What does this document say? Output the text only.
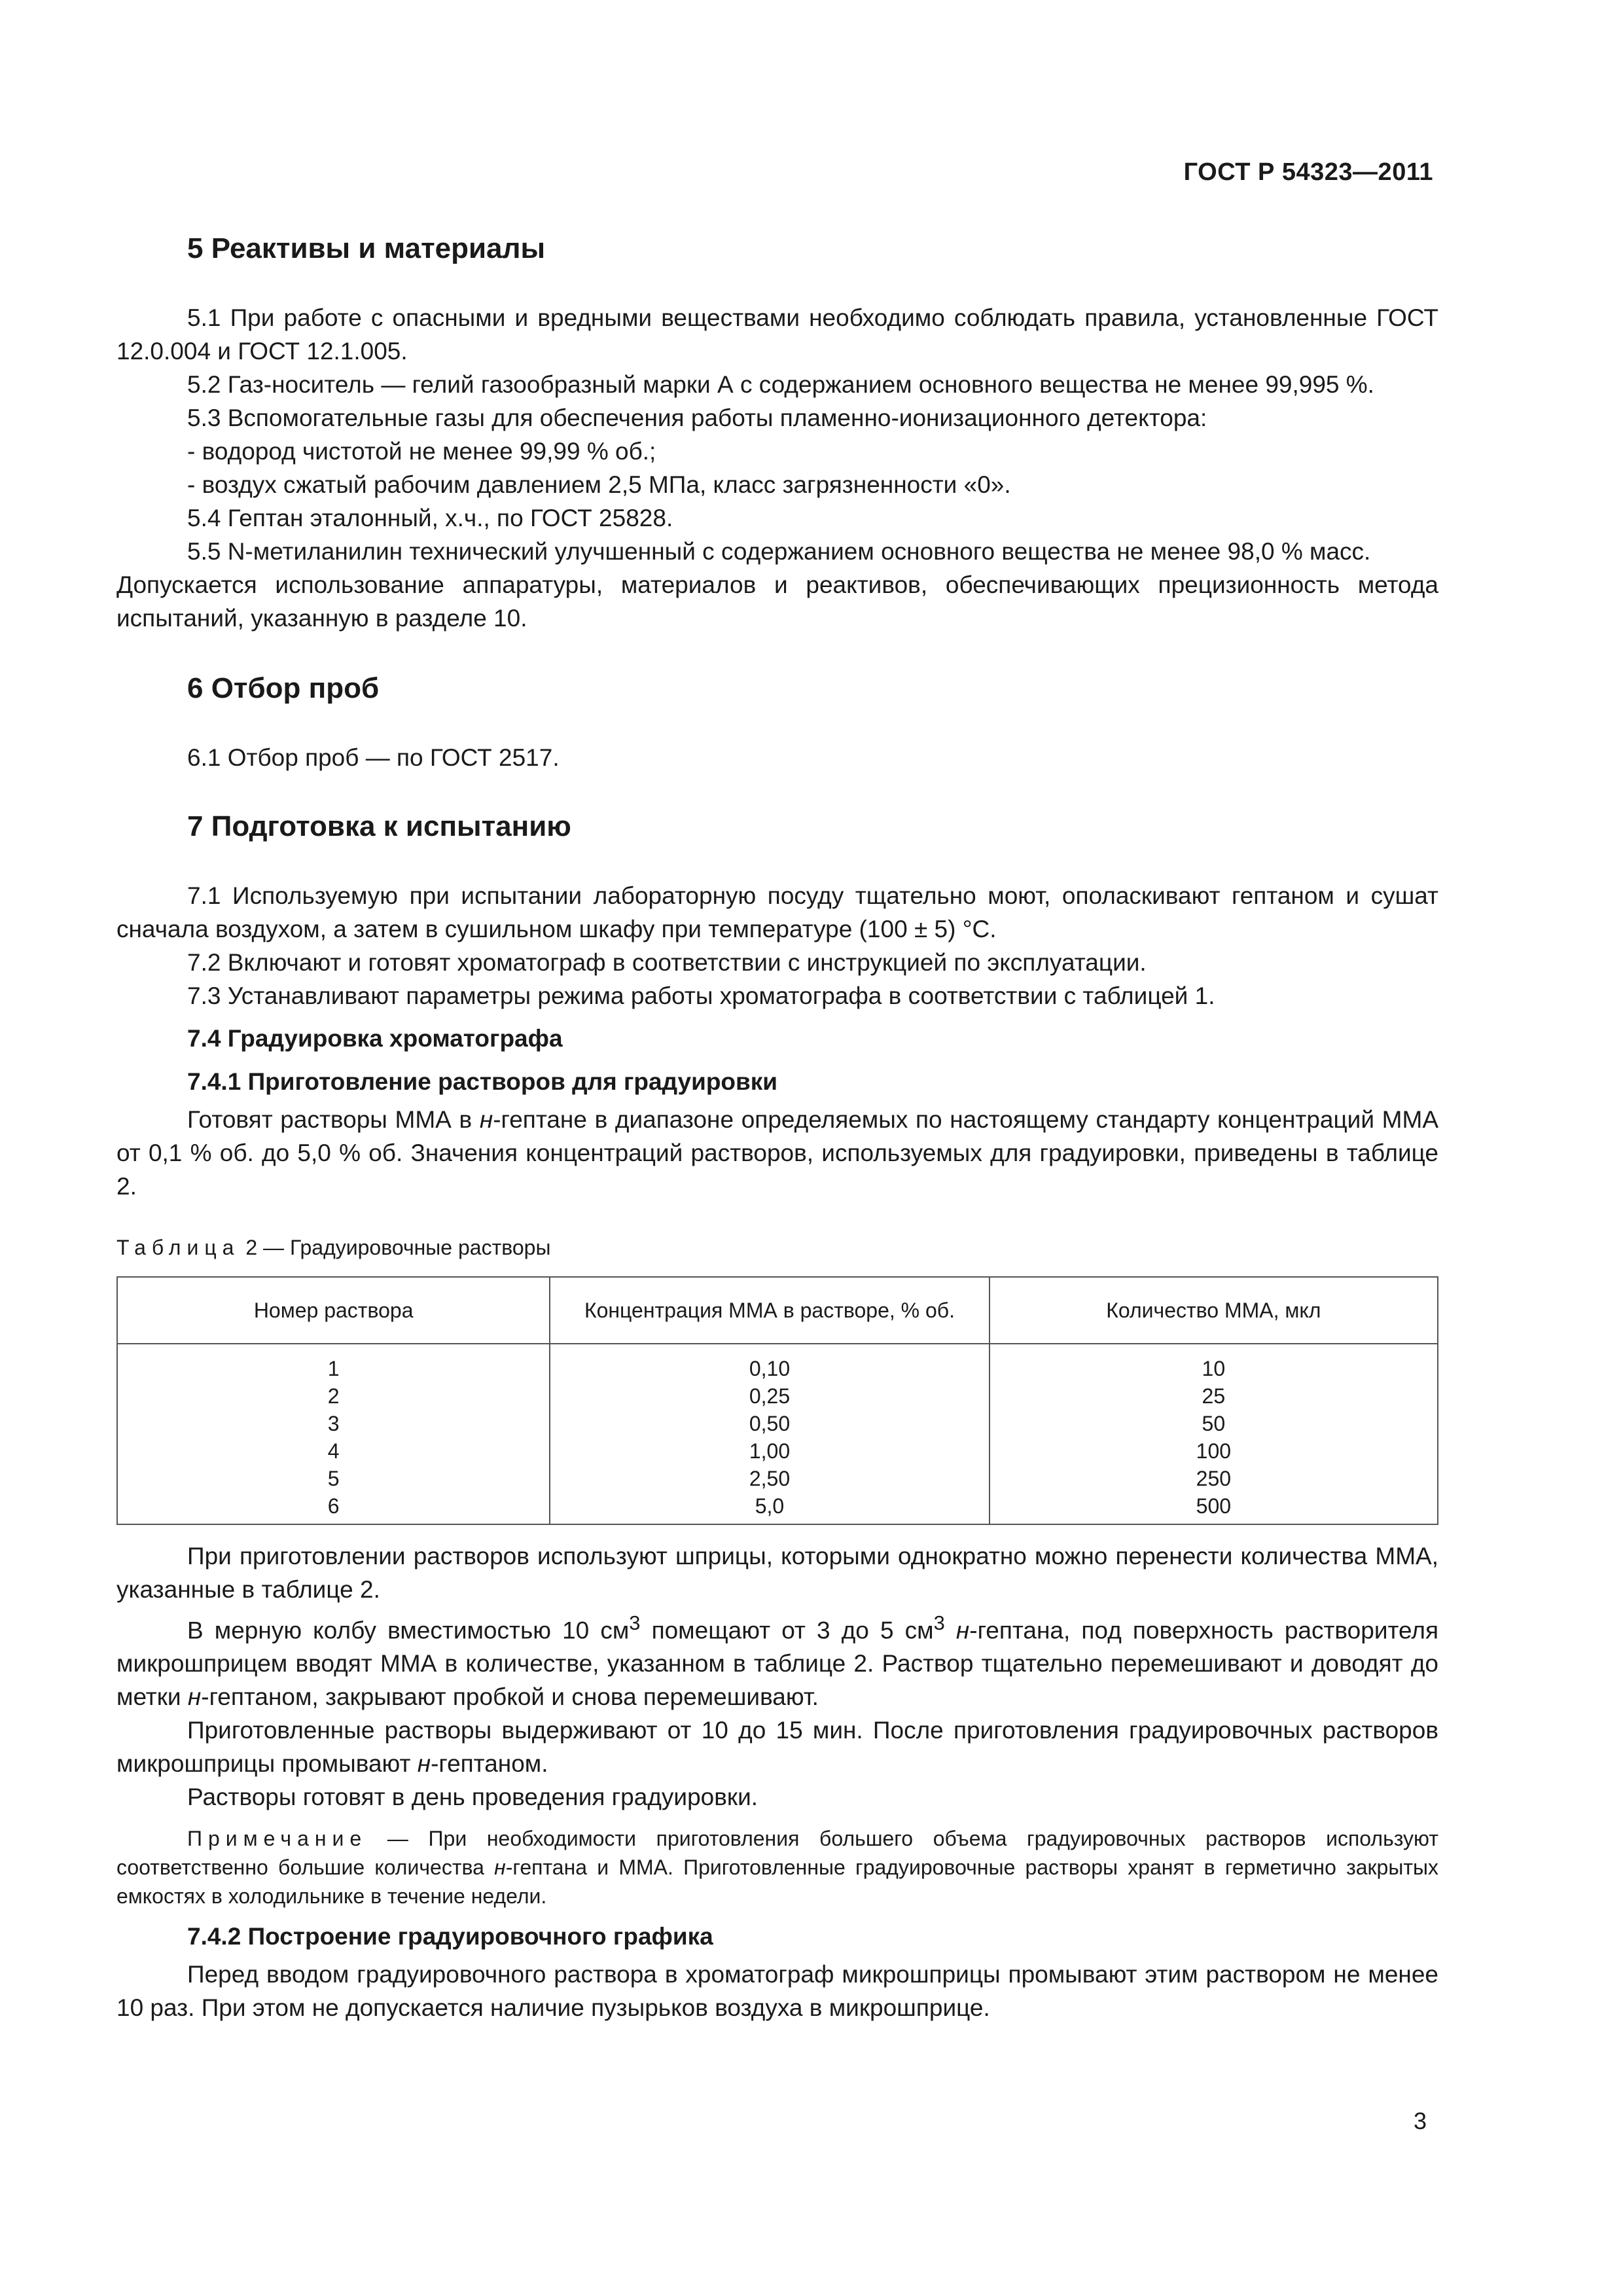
ГОСТ Р 54323—2011
5 Реактивы и материалы

5.1 При работе с опасными и вредными веществами необходимо соблюдать правила, установленные ГОСТ 12.0.004 и ГОСТ 12.1.005.

5.2 Газ-носитель — гелий газообразный марки А с содержанием основного вещества не менее 99,995 %.

5.3 Вспомогательные газы для обеспечения работы пламенно-ионизационного детектора:

- водород чистотой не менее 99,99 % об.;

- воздух сжатый рабочим давлением 2,5 МПа, класс загрязненности «0».

5.4 Гептан эталонный, х.ч., по ГОСТ 25828.

5.5 N-метиланилин технический улучшенный с содержанием основного вещества не менее 98,0 % масс.

Допускается использование аппаратуры, материалов и реактивов, обеспечивающих прецизионность метода испытаний, указанную в разделе 10.

6 Отбор проб

6.1 Отбор проб — по ГОСТ 2517.

7 Подготовка к испытанию

7.1 Используемую при испытании лабораторную посуду тщательно моют, ополаскивают гептаном и сушат сначала воздухом, а затем в сушильном шкафу при температуре (100 ± 5) °С.

7.2 Включают и готовят хроматограф в соответствии с инструкцией по эксплуатации.

7.3 Устанавливают параметры режима работы хроматографа в соответствии с таблицей 1.

7.4 Градуировка хроматографа
7.4.1 Приготовление растворов для градуировки

Готовят растворы ММА в н-гептане в диапазоне определяемых по настоящему стандарту концентраций ММА от 0,1 % об. до 5,0 % об. Значения концентраций растворов, используемых для градуировки, приведены в таблице 2.

Таблица 2 — Градуировочные растворы
Номер раствора	Концентрация ММА в растворе, % об.	Количество ММА, мкл
1	0,10	10
2	0,25	25
3	0,50	50
4	1,00	100
5	2,50	250
6	5,0	500

При приготовлении растворов используют шприцы, которыми однократно можно перенести количества ММА, указанные в таблице 2.

В мерную колбу вместимостью 10 $см^3$ помещают от 3 до 5 $см^3$ н-гептана, под поверхность растворителя микрошприцем вводят ММА в количестве, указанном в таблице 2. Раствор тщательно перемешивают и доводят до метки н-гептаном, закрывают пробкой и снова перемешивают.

Приготовленные растворы выдерживают от 10 до 15 мин. После приготовления градуировочных растворов микрошприцы промывают н-гептаном.

Растворы готовят в день проведения градуировки.

Примечание — При необходимости приготовления большего объема градуировочных растворов используют соответственно большие количества н-гептана и ММА. Приготовленные градуировочные растворы хранят в герметично закрытых емкостях в холодильнике в течение недели.
7.4.2 Построение градуировочного графика

Перед вводом градуировочного раствора в хроматограф микрошприцы промывают этим раствором не менее 10 раз. При этом не допускается наличие пузырьков воздуха в микрошприце.

3
